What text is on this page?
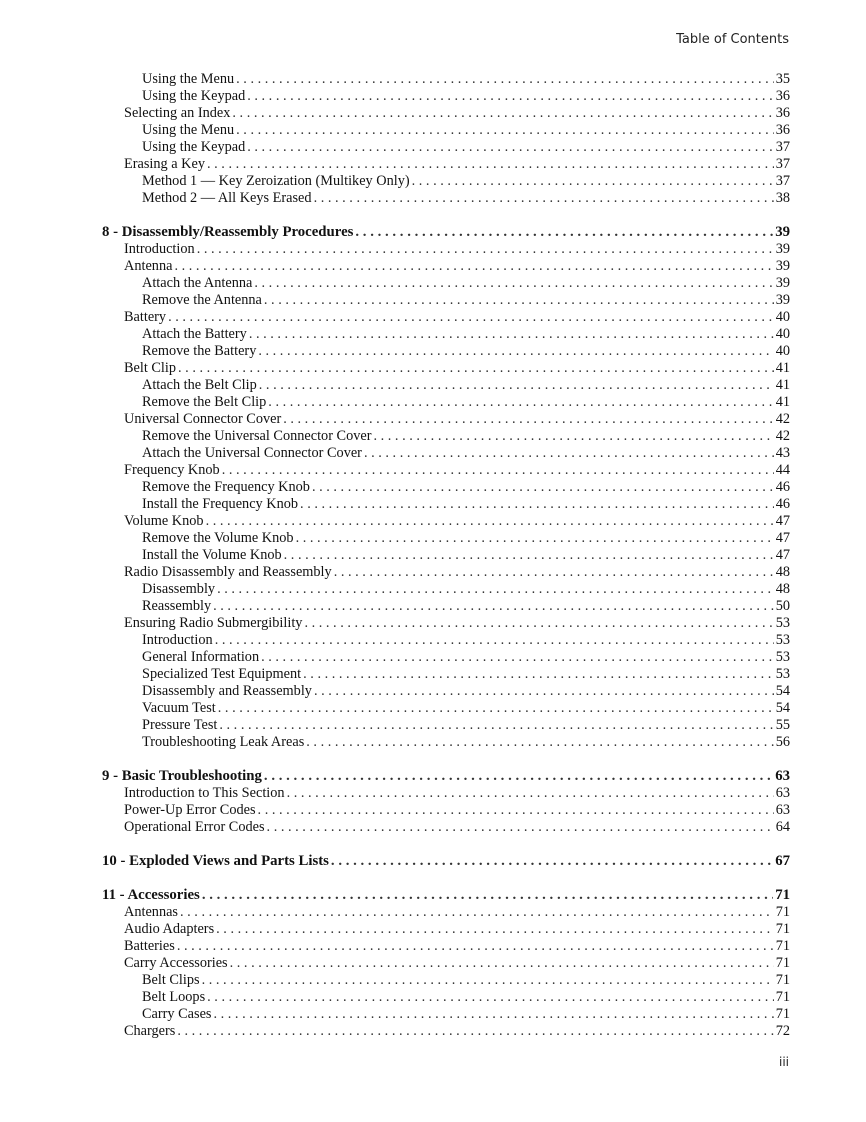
Table of Contents
Using the Menu . . .	35
Using the Keypad . . .	36
Selecting an Index . . .	36
Using the Menu . . .	36
Using the Keypad . . .	37
Erasing a Key . . .	37
Method 1 — Key Zeroization (Multikey Only) . . .	37
Method 2 — All Keys Erased . . .	38
8 - Disassembly/Reassembly Procedures . . .	39
Introduction . . .	39
Antenna . . .	39
Attach the Antenna . . .	39
Remove the Antenna . . .	39
Battery . . .	40
Attach the Battery . . .	40
Remove the Battery . . .	40
Belt Clip . . .	41
Attach the Belt Clip . . .	41
Remove the Belt Clip . . .	41
Universal Connector Cover . . .	42
Remove the Universal Connector Cover . . .	42
Attach the Universal Connector Cover . . .	43
Frequency Knob . . .	44
Remove the Frequency Knob . . .	46
Install the Frequency Knob . . .	46
Volume Knob . . .	47
Remove the Volume Knob . . .	47
Install the Volume Knob . . .	47
Radio Disassembly and Reassembly . . .	48
Disassembly . . .	48
Reassembly . . .	50
Ensuring Radio Submergibility . . .	53
Introduction . . .	53
General Information . . .	53
Specialized Test Equipment . . .	53
Disassembly and Reassembly . . .	54
Vacuum Test . . .	54
Pressure Test . . .	55
Troubleshooting Leak Areas . . .	56
9 - Basic Troubleshooting . . .	63
Introduction to This Section . . .	63
Power-Up Error Codes . . .	63
Operational Error Codes . . .	64
10 - Exploded Views and Parts Lists . . .	67
11 - Accessories . . .	71
Antennas . . .	71
Audio Adapters . . .	71
Batteries . . .	71
Carry Accessories . . .	71
Belt Clips . . .	71
Belt Loops . . .	71
Carry Cases . . .	71
Chargers . . .	72
iii
